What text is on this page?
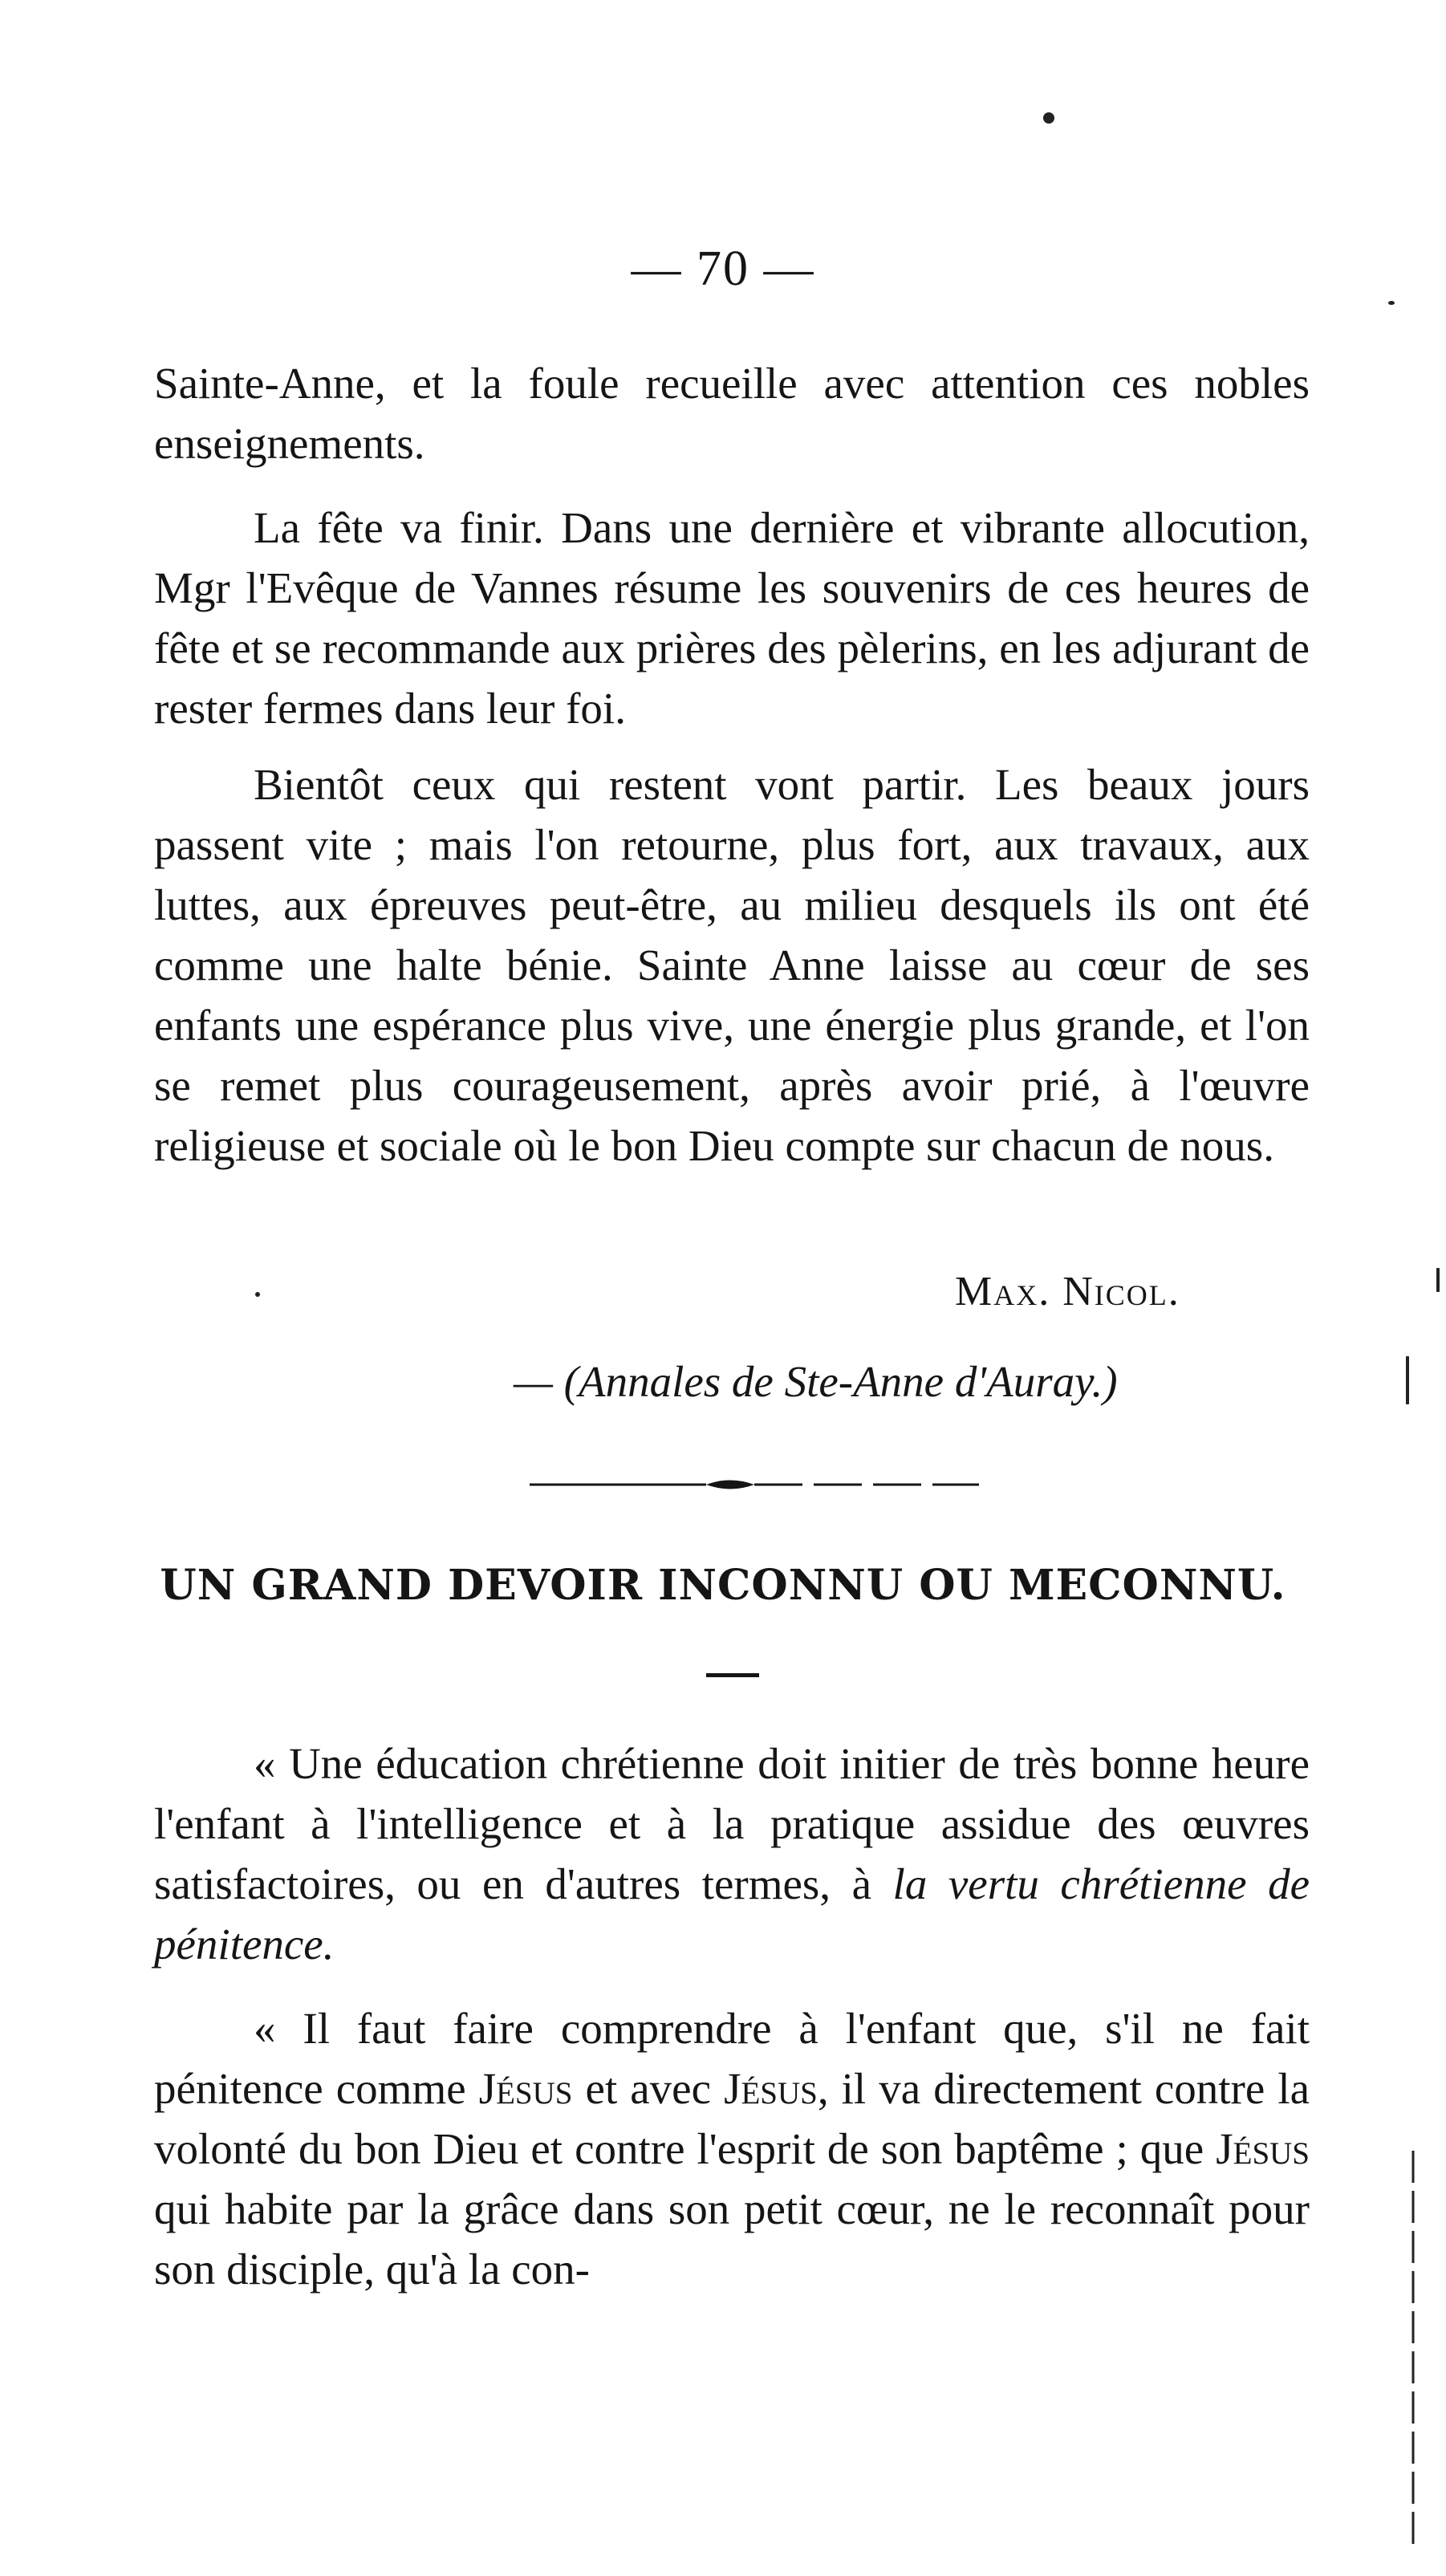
— 70 —

Sainte-Anne, et la foule recueille avec attention ces nobles enseignements.

La fête va finir. Dans une dernière et vibrante allocution, Mgr l'Evêque de Vannes résume les souvenirs de ces heures de fête et se recommande aux prières des pèlerins, en les adjurant de rester fermes dans leur foi.

Bientôt ceux qui restent vont partir. Les beaux jours passent vite ; mais l'on retourne, plus fort, aux travaux, aux luttes, aux épreuves peut-être, au milieu desquels ils ont été comme une halte bénie. Sainte Anne laisse au cœur de ses enfants une espérance plus vive, une énergie plus grande, et l'on se remet plus courageusement, après avoir prié, à l'œuvre religieuse et sociale où le bon Dieu compte sur chacun de nous.

Max. Nicol.
— (Annales de Ste-Anne d'Auray.)
UN GRAND DEVOIR INCONNU OU MECONNU.

« Une éducation chrétienne doit initier de très bonne heure l'enfant à l'intelligence et à la pratique assidue des œuvres satisfactoires, ou en d'autres termes, à la vertu chrétienne de pénitence.

« Il faut faire comprendre à l'enfant que, s'il ne fait pénitence comme Jésus et avec Jésus, il va directement contre la volonté du bon Dieu et contre l'esprit de son baptême ; que Jésus qui habite par la grâce dans son petit cœur, ne le reconnaît pour son disciple, qu'à la con-
